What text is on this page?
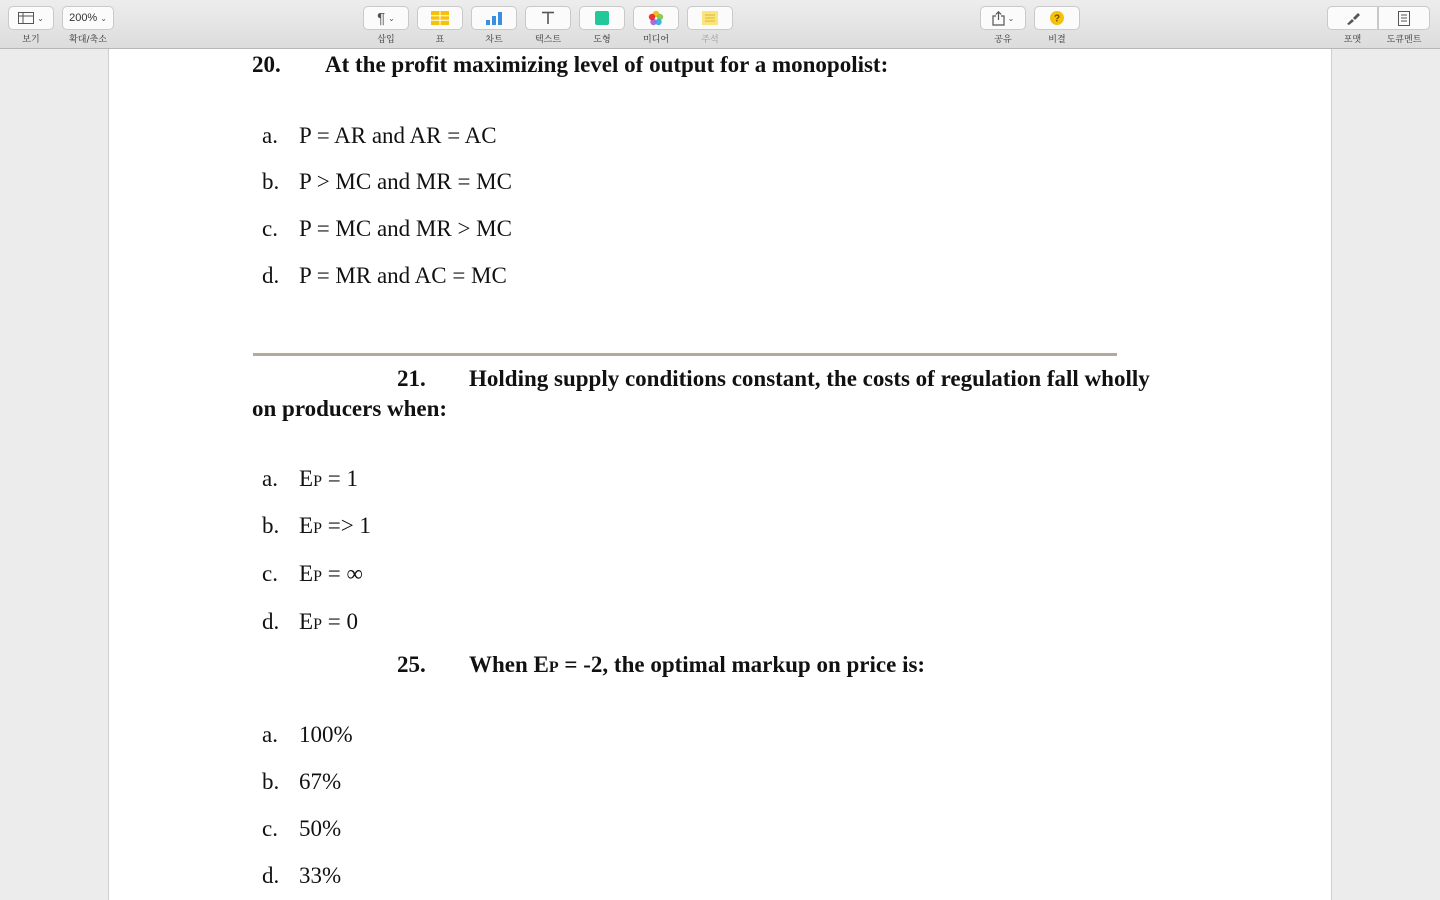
⌄
보기
200% ⌄
확대/축소
¶ ⌄
삽입	표	차트	텍스트	도형	미디어	주석
⌄
공유
?
비결	포맷	도큐멘트
20. At the profit maximizing level of output for a monopolist:
a. P = AR and AR = AC
b. P > MC and MR = MC
c. P = MC and MR > MC
d. P = MR and AC = MC
21. Holding supply conditions constant, the costs of regulation fall wholly
on producers when:
a. EP = 1
b. EP => 1
c. EP = ∞
d. EP = 0
25. When EP = -2, the optimal markup on price is:
a. 100%
b. 67%
c. 50%
d. 33%
